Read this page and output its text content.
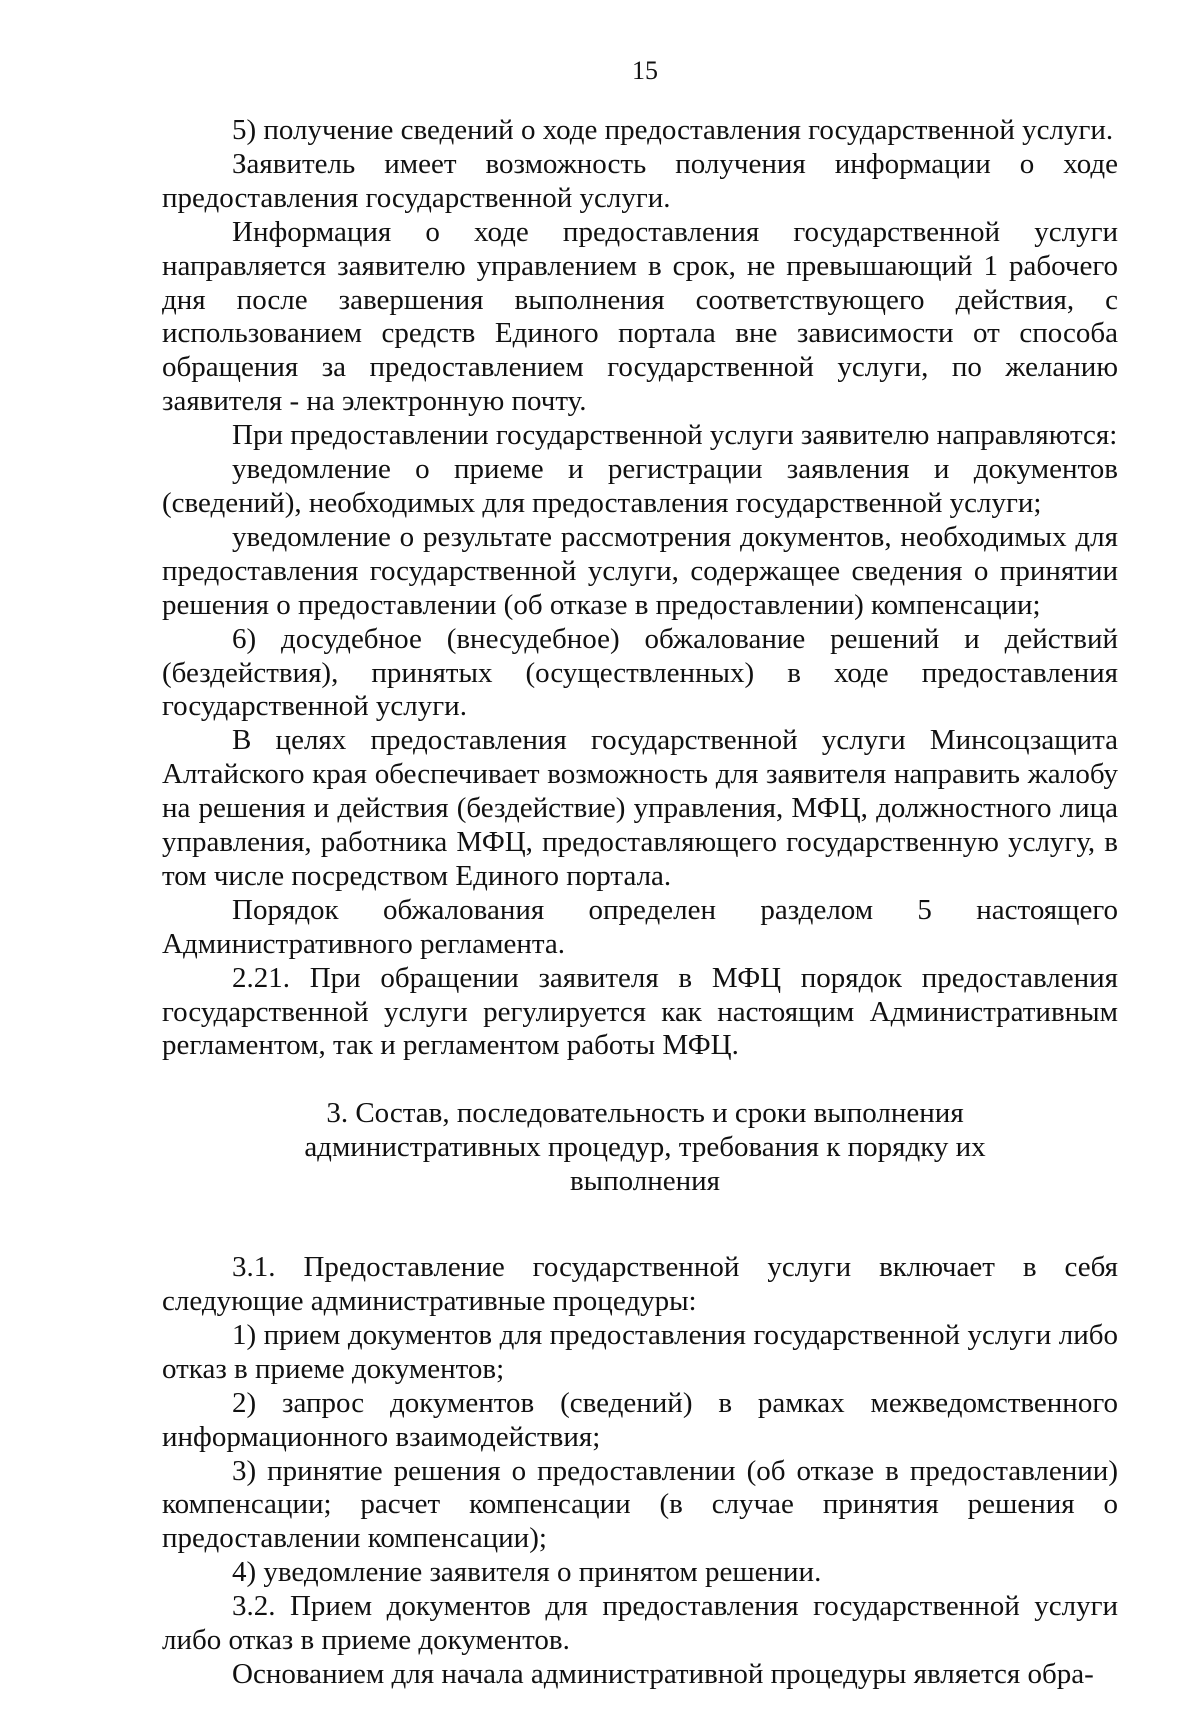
15

5) получение сведений о ходе предоставления государственной услуги.

Заявитель имеет возможность получения информации о ходе предоставления государственной услуги.

Информация о ходе предоставления государственной услуги направляется заявителю управлением в срок, не превышающий 1 рабочего дня после завершения выполнения соответствующего действия, с использованием средств Единого портала вне зависимости от способа обращения за предоставлением государственной услуги, по желанию заявителя - на электронную почту.

При предоставлении государственной услуги заявителю направляются:

уведомление о приеме и регистрации заявления и документов (сведений), необходимых для предоставления государственной услуги;

уведомление о результате рассмотрения документов, необходимых для предоставления государственной услуги, содержащее сведения о принятии решения о предоставлении (об отказе в предоставлении) компенсации;

6) досудебное (внесудебное) обжалование решений и действий (бездействия), принятых (осуществленных) в ходе предоставления государственной услуги.

В целях предоставления государственной услуги Минсоцзащита Алтайского края обеспечивает возможность для заявителя направить жалобу на решения и действия (бездействие) управления, МФЦ, должностного лица управления, работника МФЦ, предоставляющего государственную услугу, в том числе посредством Единого портала.

Порядок обжалования определен разделом 5 настоящего Административного регламента.

2.21. При обращении заявителя в МФЦ порядок предоставления государственной услуги регулируется как настоящим Административным регламентом, так и регламентом работы МФЦ.

3. Состав, последовательность и сроки выполнения административных процедур, требования к порядку их выполнения

3.1. Предоставление государственной услуги включает в себя следующие административные процедуры:

1) прием документов для предоставления государственной услуги либо отказ в приеме документов;

2) запрос документов (сведений) в рамках межведомственного информационного взаимодействия;

3) принятие решения о предоставлении (об отказе в предоставлении) компенсации; расчет компенсации (в случае принятия решения о предоставлении компенсации);

4) уведомление заявителя о принятом решении.

3.2. Прием документов для предоставления государственной услуги либо отказ в приеме документов.

Основанием для начала административной процедуры является обра-
